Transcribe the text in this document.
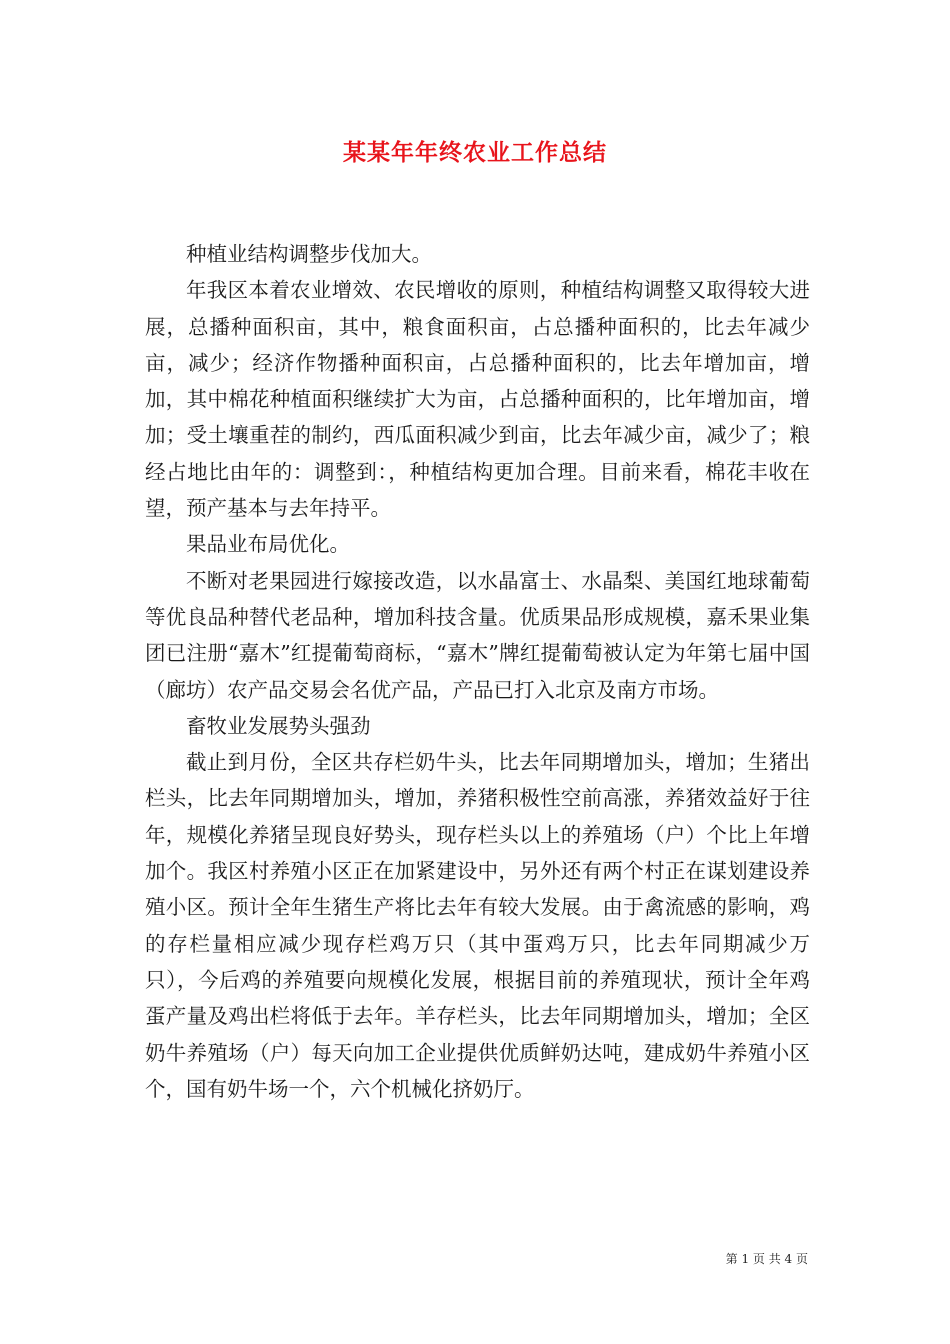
某某年年终农业工作总结

种植业结构调整步伐加大。

年我区本着农业增效、农民增收的原则，种植结构调整又取得较大进展，总播种面积亩，其中，粮食面积亩，占总播种面积的，比去年减少亩，减少；经济作物播种面积亩，占总播种面积的，比去年增加亩，增加，其中棉花种植面积继续扩大为亩，占总播种面积的，比年增加亩，增加；受土壤重茬的制约，西瓜面积减少到亩，比去年减少亩，减少了；粮经占地比由年的：调整到：，种植结构更加合理。目前来看，棉花丰收在望，预产基本与去年持平。

果品业布局优化。

不断对老果园进行嫁接改造，以水晶富士、水晶梨、美国红地球葡萄等优良品种替代老品种，增加科技含量。优质果品形成规模，嘉禾果业集团已注册“嘉木”红提葡萄商标，“嘉木”牌红提葡萄被认定为年第七届中国（廊坊）农产品交易会名优产品，产品已打入北京及南方市场。

畜牧业发展势头强劲

截止到月份，全区共存栏奶牛头，比去年同期增加头，增加；生猪出栏头，比去年同期增加头，增加，养猪积极性空前高涨，养猪效益好于往年，规模化养猪呈现良好势头，现存栏头以上的养殖场（户）个比上年增加个。我区村养殖小区正在加紧建设中，另外还有两个村正在谋划建设养殖小区。预计全年生猪生产将比去年有较大发展。由于禽流感的影响，鸡的存栏量相应减少现存栏鸡万只（其中蛋鸡万只，比去年同期减少万只），今后鸡的养殖要向规模化发展，根据目前的养殖现状，预计全年鸡蛋产量及鸡出栏将低于去年。羊存栏头，比去年同期增加头，增加；全区奶牛养殖场（户）每天向加工企业提供优质鲜奶达吨，建成奶牛养殖小区个，国有奶牛场一个，六个机械化挤奶厅。

第 1 页 共 4 页
